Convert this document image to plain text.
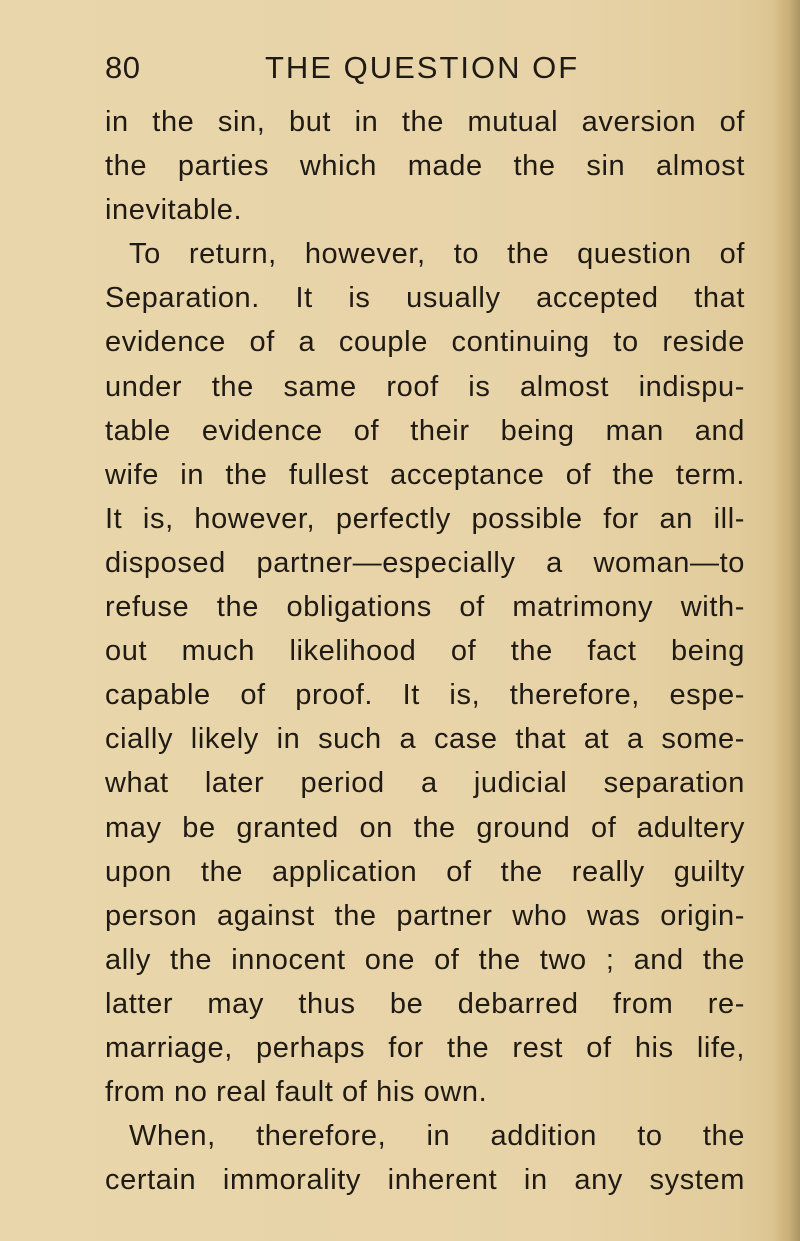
80	THE QUESTION OF
in the sin, but in the mutual aversion of
the parties which made the sin almost
inevitable.
To return, however, to the question of
Separation. It is usually accepted that
evidence of a couple continuing to reside
under the same roof is almost indispu-
table evidence of their being man and
wife in the fullest acceptance of the term.
It is, however, perfectly possible for an ill-
disposed partner—especially a woman—to
refuse the obligations of matrimony with-
out much likelihood of the fact being
capable of proof. It is, therefore, espe-
cially likely in such a case that at a some-
what later period a judicial separation
may be granted on the ground of adultery
upon the application of the really guilty
person against the partner who was origin-
ally the innocent one of the two ; and the
latter may thus be debarred from re-
marriage, perhaps for the rest of his life,
from no real fault of his own.
When, therefore, in addition to the
certain immorality inherent in any system
